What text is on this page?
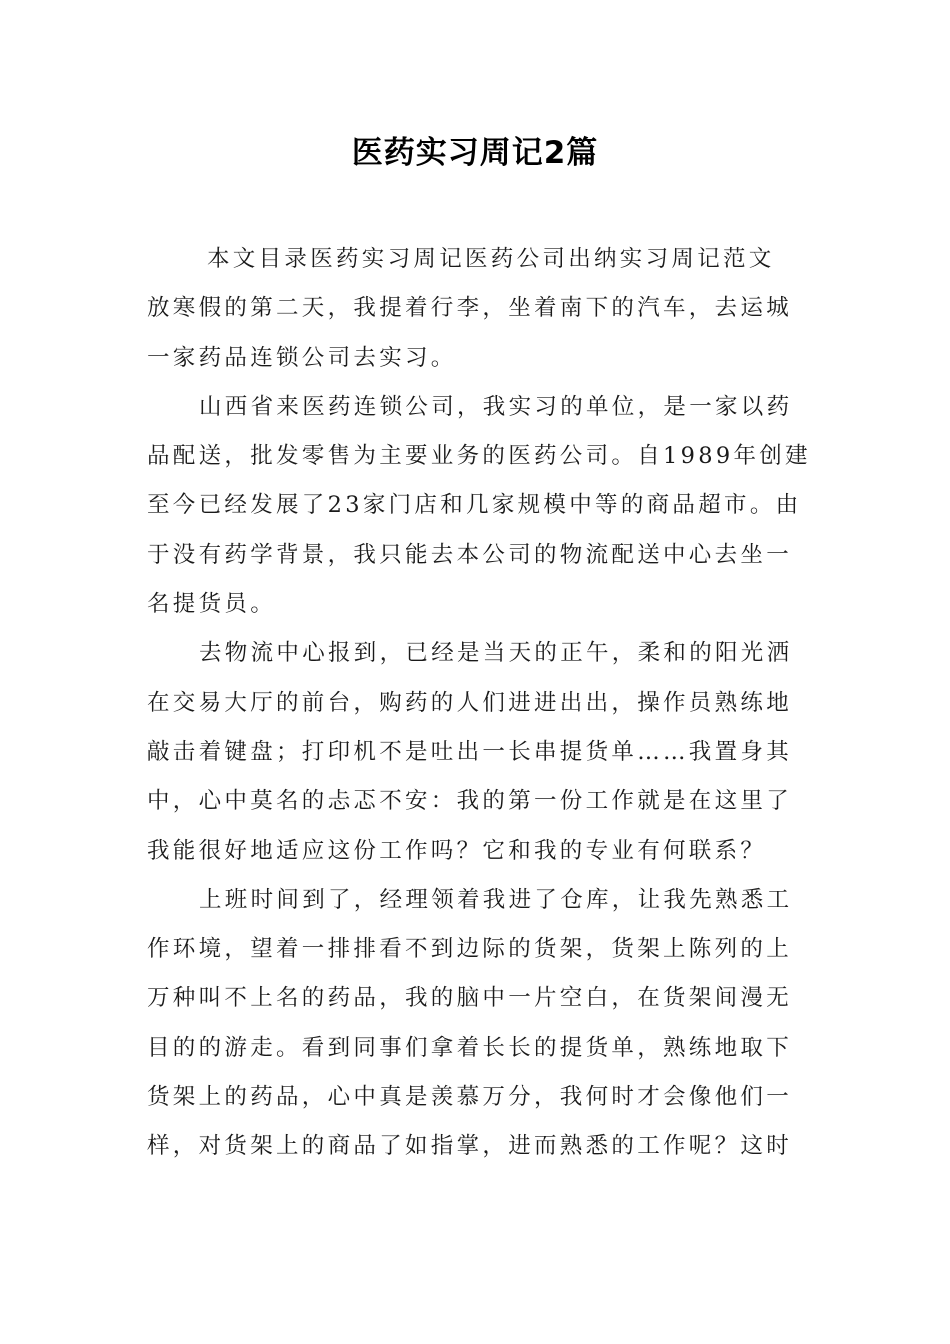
医药实习周记2篇
本文目录医药实习周记医药公司出纳实习周记范文
放寒假的第二天，我提着行李，坐着南下的汽车，去运城
一家药品连锁公司去实习。
山西省来医药连锁公司，我实习的单位，是一家以药
品配送，批发零售为主要业务的医药公司。自1989年创建
至今已经发展了23家门店和几家规模中等的商品超市。由
于没有药学背景，我只能去本公司的物流配送中心去坐一
名提货员。
去物流中心报到，已经是当天的正午，柔和的阳光洒
在交易大厅的前台，购药的人们进进出出，操作员熟练地
敲击着键盘；打印机不是吐出一长串提货单……我置身其
中，心中莫名的忐忑不安：我的第一份工作就是在这里了
我能很好地适应这份工作吗？它和我的专业有何联系？
上班时间到了，经理领着我进了仓库，让我先熟悉工
作环境，望着一排排看不到边际的货架，货架上陈列的上
万种叫不上名的药品，我的脑中一片空白，在货架间漫无
目的的游走。看到同事们拿着长长的提货单，熟练地取下
货架上的药品，心中真是羡慕万分，我何时才会像他们一
样，对货架上的商品了如指掌，进而熟悉的工作呢？这时
